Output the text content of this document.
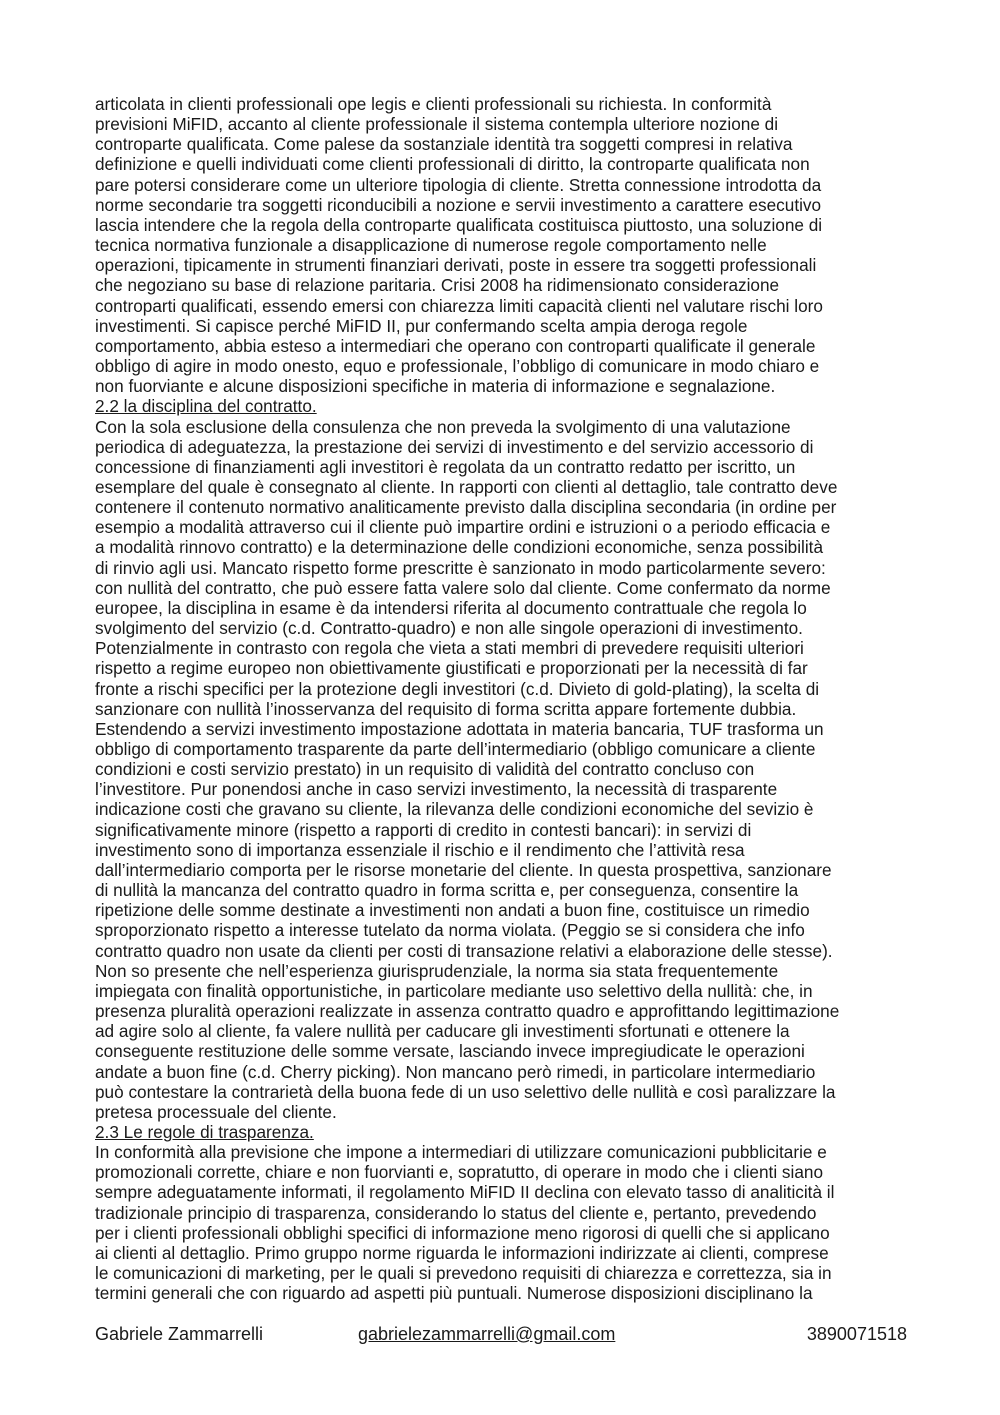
articolata in clienti professionali ope legis e clienti professionali su richiesta. In conformità
previsioni MiFID, accanto al cliente professionale il sistema contempla ulteriore nozione di
controparte qualificata. Come palese da sostanziale identità tra soggetti compresi in relativa
definizione e quelli individuati come clienti professionali di diritto, la controparte qualificata non
pare potersi considerare come un ulteriore tipologia di cliente. Stretta connessione introdotta da
norme secondarie tra soggetti riconducibili a nozione e servii investimento a carattere esecutivo
lascia intendere che la regola della controparte qualificata costituisca piuttosto, una soluzione di
tecnica normativa funzionale a disapplicazione di numerose regole comportamento nelle
operazioni, tipicamente in strumenti finanziari derivati, poste in essere tra soggetti professionali
che negoziano su base di relazione paritaria. Crisi 2008 ha ridimensionato considerazione
controparti qualificati, essendo emersi con chiarezza limiti capacità clienti nel valutare rischi loro
investimenti. Si capisce perché MiFID II, pur confermando scelta ampia deroga regole
comportamento, abbia esteso a intermediari che operano con controparti qualificate il generale
obbligo di agire in modo onesto, equo e professionale, l’obbligo di comunicare in modo chiaro e
non fuorviante e alcune disposizioni specifiche in materia di informazione e segnalazione.

2.2 la disciplina del contratto.

Con la sola esclusione della consulenza che non preveda la svolgimento di una valutazione
periodica di adeguatezza, la prestazione dei servizi di investimento e del servizio accessorio di
concessione di finanziamenti agli investitori è regolata da un contratto redatto per iscritto, un
esemplare del quale è consegnato al cliente. In rapporti con clienti al dettaglio, tale contratto deve
contenere il contenuto normativo analiticamente previsto dalla disciplina secondaria (in ordine per
esempio a modalità attraverso cui il cliente può impartire ordini e istruzioni o a periodo efficacia e
a modalità rinnovo contratto) e la determinazione delle condizioni economiche, senza possibilità
di rinvio agli usi. Mancato rispetto forme prescritte è sanzionato in modo particolarmente severo:
con nullità del contratto, che può essere fatta valere solo dal cliente. Come confermato da norme
europee, la disciplina in esame è da intendersi riferita al documento contrattuale che regola lo
svolgimento del servizio (c.d. Contratto-quadro) e non alle singole operazioni di investimento.
Potenzialmente in contrasto con regola che vieta a stati membri di prevedere requisiti ulteriori
rispetto a regime europeo non obiettivamente giustificati e proporzionati per la necessità di far
fronte a rischi specifici per la protezione degli investitori (c.d. Divieto di gold-plating), la scelta di
sanzionare con nullità l’inosservanza del requisito di forma scritta appare fortemente dubbia.
Estendendo a servizi investimento impostazione adottata in materia bancaria, TUF trasforma un
obbligo di comportamento trasparente da parte dell’intermediario (obbligo comunicare a cliente
condizioni e costi servizio prestato) in un requisito di validità del contratto concluso con
l’investitore. Pur ponendosi anche in caso servizi investimento, la necessità di trasparente
indicazione costi che gravano su cliente, la rilevanza delle condizioni economiche del sevizio è
significativamente minore (rispetto a rapporti di credito in contesti bancari): in servizi di
investimento sono di importanza essenziale il rischio e il rendimento che l’attività resa
dall’intermediario comporta per le risorse monetarie del cliente. In questa prospettiva, sanzionare
di nullità la mancanza del contratto quadro in forma scritta e, per conseguenza, consentire la
ripetizione delle somme destinate a investimenti non andati a buon fine, costituisce un rimedio
sproporzionato rispetto a interesse tutelato da norma violata. (Peggio se si considera che info
contratto quadro non usate da clienti per costi di transazione relativi a elaborazione delle stesse).
Non so presente che nell’esperienza giurisprudenziale, la norma sia stata frequentemente
impiegata con finalità opportunistiche, in particolare mediante uso selettivo della nullità: che, in
presenza pluralità operazioni realizzate in assenza contratto quadro e approfittando legittimazione
ad agire solo al cliente, fa valere nullità per caducare gli investimenti sfortunati e ottenere la
conseguente restituzione delle somme versate, lasciando invece impregiudicate le operazioni
andate a buon fine (c.d. Cherry picking). Non mancano però rimedi, in particolare intermediario
può contestare la contrarietà della buona fede di un uso selettivo delle nullità e così paralizzare la
pretesa processuale del cliente.

2.3 Le regole di trasparenza.

In conformità alla previsione che impone a intermediari di utilizzare comunicazioni pubblicitarie e
promozionali corrette, chiare e non fuorvianti e, sopratutto, di operare in modo che i clienti siano
sempre adeguatamente informati, il regolamento MiFID II declina con elevato tasso di analiticità il
tradizionale principio di trasparenza, considerando lo status del cliente e, pertanto, prevedendo
per i clienti professionali obblighi specifici di informazione meno rigorosi di quelli che si applicano
ai clienti al dettaglio. Primo gruppo norme riguarda le informazioni indirizzate ai clienti, comprese
le comunicazioni di marketing, per le quali si prevedono requisiti di chiarezza e correttezza, sia in
termini generali che con riguardo ad aspetti più puntuali. Numerose disposizioni disciplinano la

Gabriele Zammarrelli	gabrielezammarrelli@gmail.com	3890071518
